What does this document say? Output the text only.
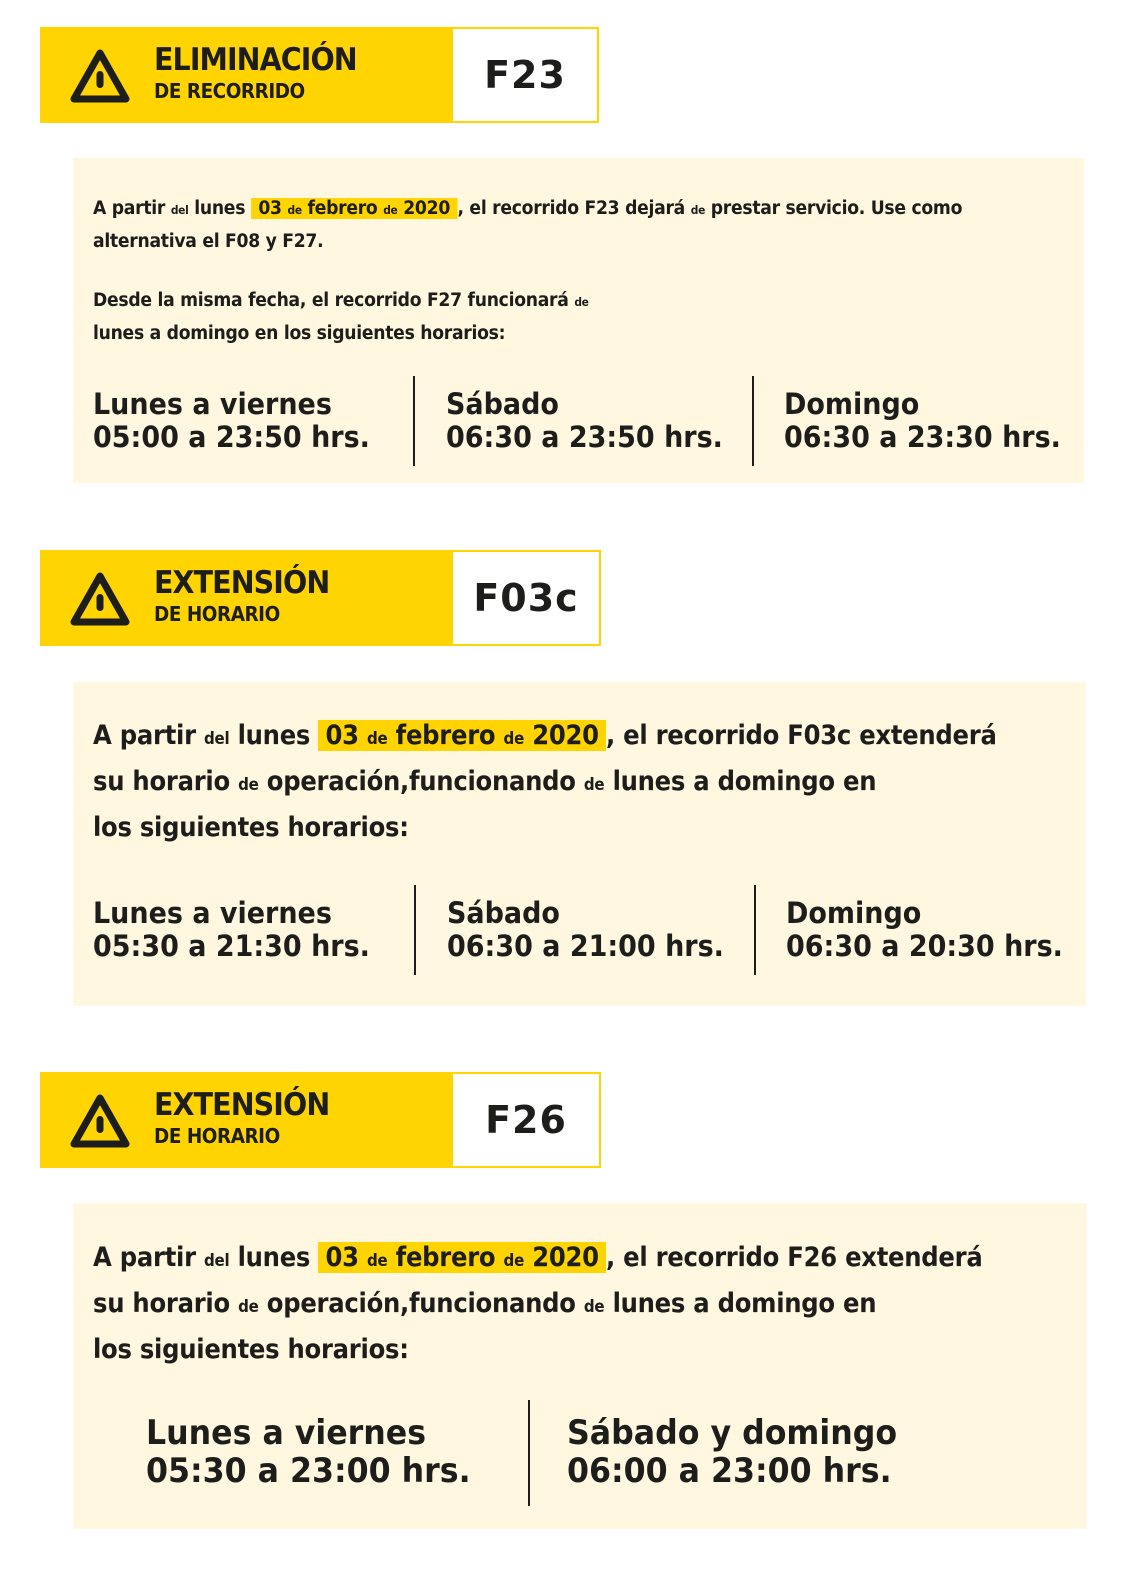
ELIMINACIÓN
DE RECORRIDO	F23
A partir del lunes 03 de febrero de 2020 , el recorrido F23 dejará de prestar servicio. Use como
alternativa el F08 y F27.
Desde la misma fecha, el recorrido F27 funcionará de
lunes a domingo en los siguientes horarios:
Lunes a viernes
05:00 a 23:50 hrs.
Sábado
06:30 a 23:50 hrs.
Domingo
06:30 a 23:30 hrs.
EXTENSIÓN
DE HORARIO	F03c
A partir del lunes 03 de febrero de 2020 , el recorrido F03c extenderá
su horario de operación,funcionando de lunes a domingo en
los siguientes horarios:
Lunes a viernes
05:30 a 21:30 hrs.
Sábado
06:30 a 21:00 hrs.
Domingo
06:30 a 20:30 hrs.
EXTENSIÓN
DE HORARIO	F26
A partir del lunes 03 de febrero de 2020 , el recorrido F26 extenderá
su horario de operación,funcionando de lunes a domingo en
los siguientes horarios:
Lunes a viernes
05:30 a 23:00 hrs.
Sábado y domingo
06:00 a 23:00 hrs.
